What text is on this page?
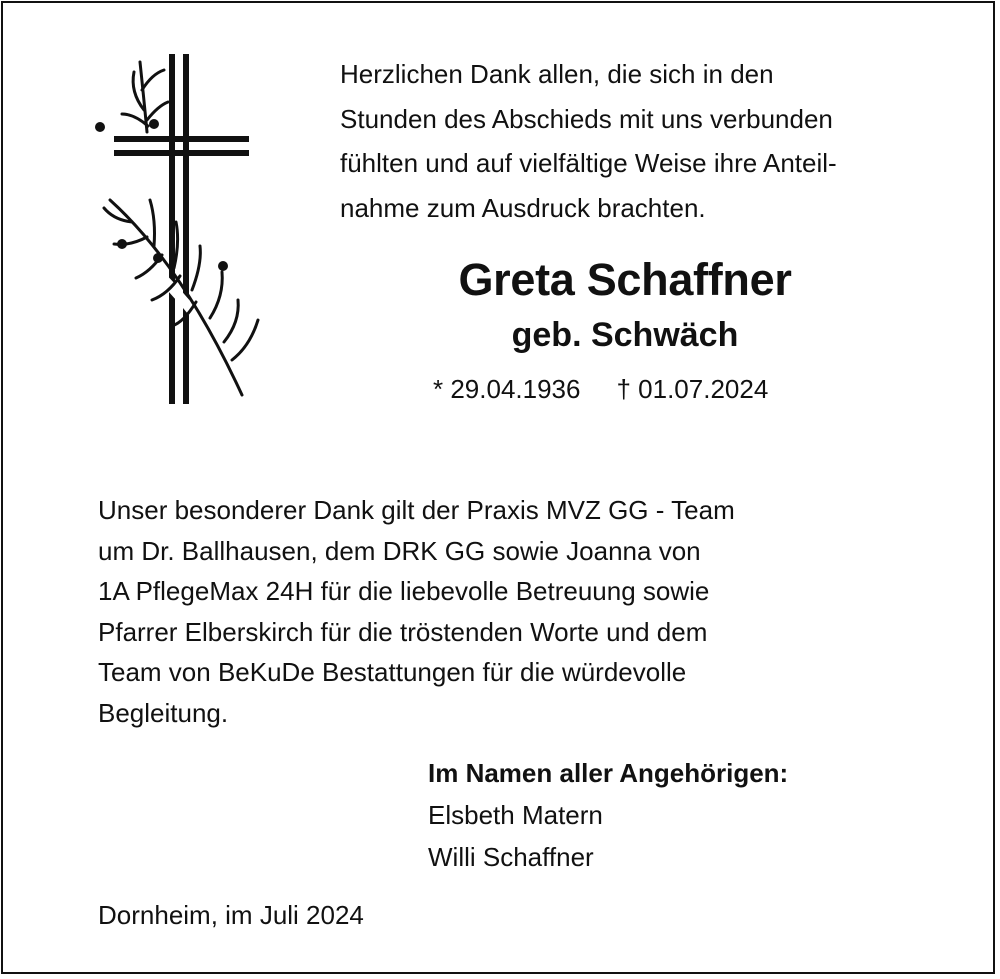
Herzlichen Dank allen, die sich in den
Stunden des Abschieds mit uns verbunden
fühlten und auf vielfältige Weise ihre Anteil-
nahme zum Ausdruck brachten.
Greta Schaffner
geb. Schwäch
* 29.04.1936 † 01.07.2024
Unser besonderer Dank gilt der Praxis MVZ GG - Team
um Dr. Ballhausen, dem DRK GG sowie Joanna von
1A PflegeMax 24H für die liebevolle Betreuung sowie
Pfarrer Elberskirch für die tröstenden Worte und dem
Team von BeKuDe Bestattungen für die würdevolle
Begleitung.
Im Namen aller Angehörigen:
Elsbeth Matern
Willi Schaffner
Dornheim, im Juli 2024
